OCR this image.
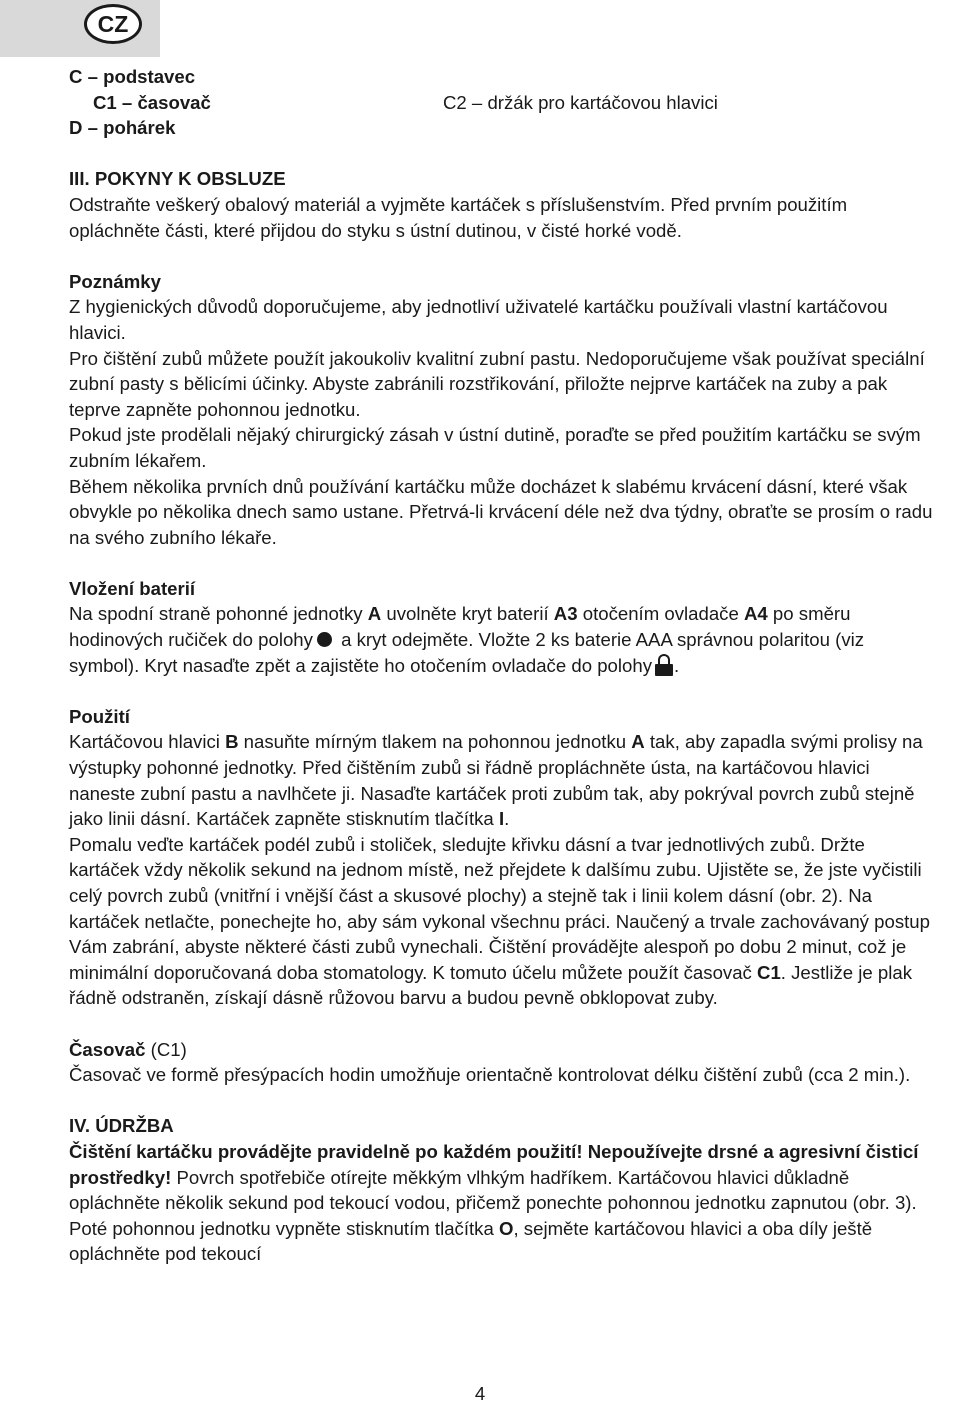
CZ
C – podstavec
C1 – časovač	C2 – držák pro kartáčovou hlavici
D – pohárek

III. POKYNY K OBSLUZE

Odstraňte veškerý obalový materiál a vyjměte kartáček s příslušenstvím. Před prvním použitím opláchněte části, které přijdou do styku s ústní dutinou, v čisté horké vodě.

Poznámky

Z hygienických důvodů doporučujeme, aby jednotliví uživatelé kartáčku používali vlastní kartáčovou hlavici.

Pro čištění zubů můžete použít jakoukoliv kvalitní zubní pastu. Nedoporučujeme však používat speciální zubní pasty s bělicími účinky. Abyste zabránili rozstřikování, přiložte nejprve kartáček na zuby a pak teprve zapněte pohonnou jednotku.

Pokud jste prodělali nějaký chirurgický zásah v ústní dutině, poraďte se před použitím kartáčku se svým zubním lékařem.

Během několika prvních dnů používání kartáčku může docházet k slabému krvácení dásní, které však obvykle po několika dnech samo ustane. Přetrvá-li krvácení déle než dva týdny, obraťte se prosím o radu na svého zubního lékaře.

Vložení baterií

Na spodní straně pohonné jednotky A uvolněte kryt baterií A3 otočením ovladače A4 po směru hodinových ručiček do polohy a kryt odejměte. Vložte 2 ks baterie AAA správnou polaritou (viz symbol). Kryt nasaďte zpět a zajistěte ho otočením ovladače do polohy .

Použití

Kartáčovou hlavici B nasuňte mírným tlakem na pohonnou jednotku A tak, aby zapadla svými prolisy na výstupky pohonné jednotky. Před čištěním zubů si řádně propláchněte ústa, na kartáčovou hlavici naneste zubní pastu a navlhčete ji. Nasaďte kartáček proti zubům tak, aby pokrýval povrch zubů stejně jako linii dásní. Kartáček zapněte stisknutím tlačítka I.

Pomalu veďte kartáček podél zubů i stoliček, sledujte křivku dásní a tvar jednotlivých zubů. Držte kartáček vždy několik sekund na jednom místě, než přejdete k dalšímu zubu. Ujistěte se, že jste vyčistili celý povrch zubů (vnitřní i vnější část a skusové plochy) a stejně tak i linii kolem dásní (obr. 2). Na kartáček netlačte, ponechejte ho, aby sám vykonal všechnu práci. Naučený a trvale zachovávaný postup Vám zabrání, abyste některé části zubů vynechali. Čištění provádějte alespoň po dobu 2 minut, což je minimální doporučovaná doba stomatology. K tomuto účelu můžete použít časovač C1. Jestliže je plak řádně odstraněn, získají dásně růžovou barvu a budou pevně obklopovat zuby.

Časovač (C1)

Časovač ve formě přesýpacích hodin umožňuje orientačně kontrolovat délku čištění zubů (cca 2 min.).

IV. ÚDRŽBA

Čištění kartáčku provádějte pravidelně po každém použití! Nepoužívejte drsné a agresivní čisticí prostředky! Povrch spotřebiče otírejte měkkým vlhkým hadříkem. Kartáčovou hlavici důkladně opláchněte několik sekund pod tekoucí vodou, přičemž ponechte pohonnou jednotku zapnutou (obr. 3). Poté pohonnou jednotku vypněte stisknutím tlačítka O, sejměte kartáčovou hlavici a oba díly ještě opláchněte pod tekoucí

4
